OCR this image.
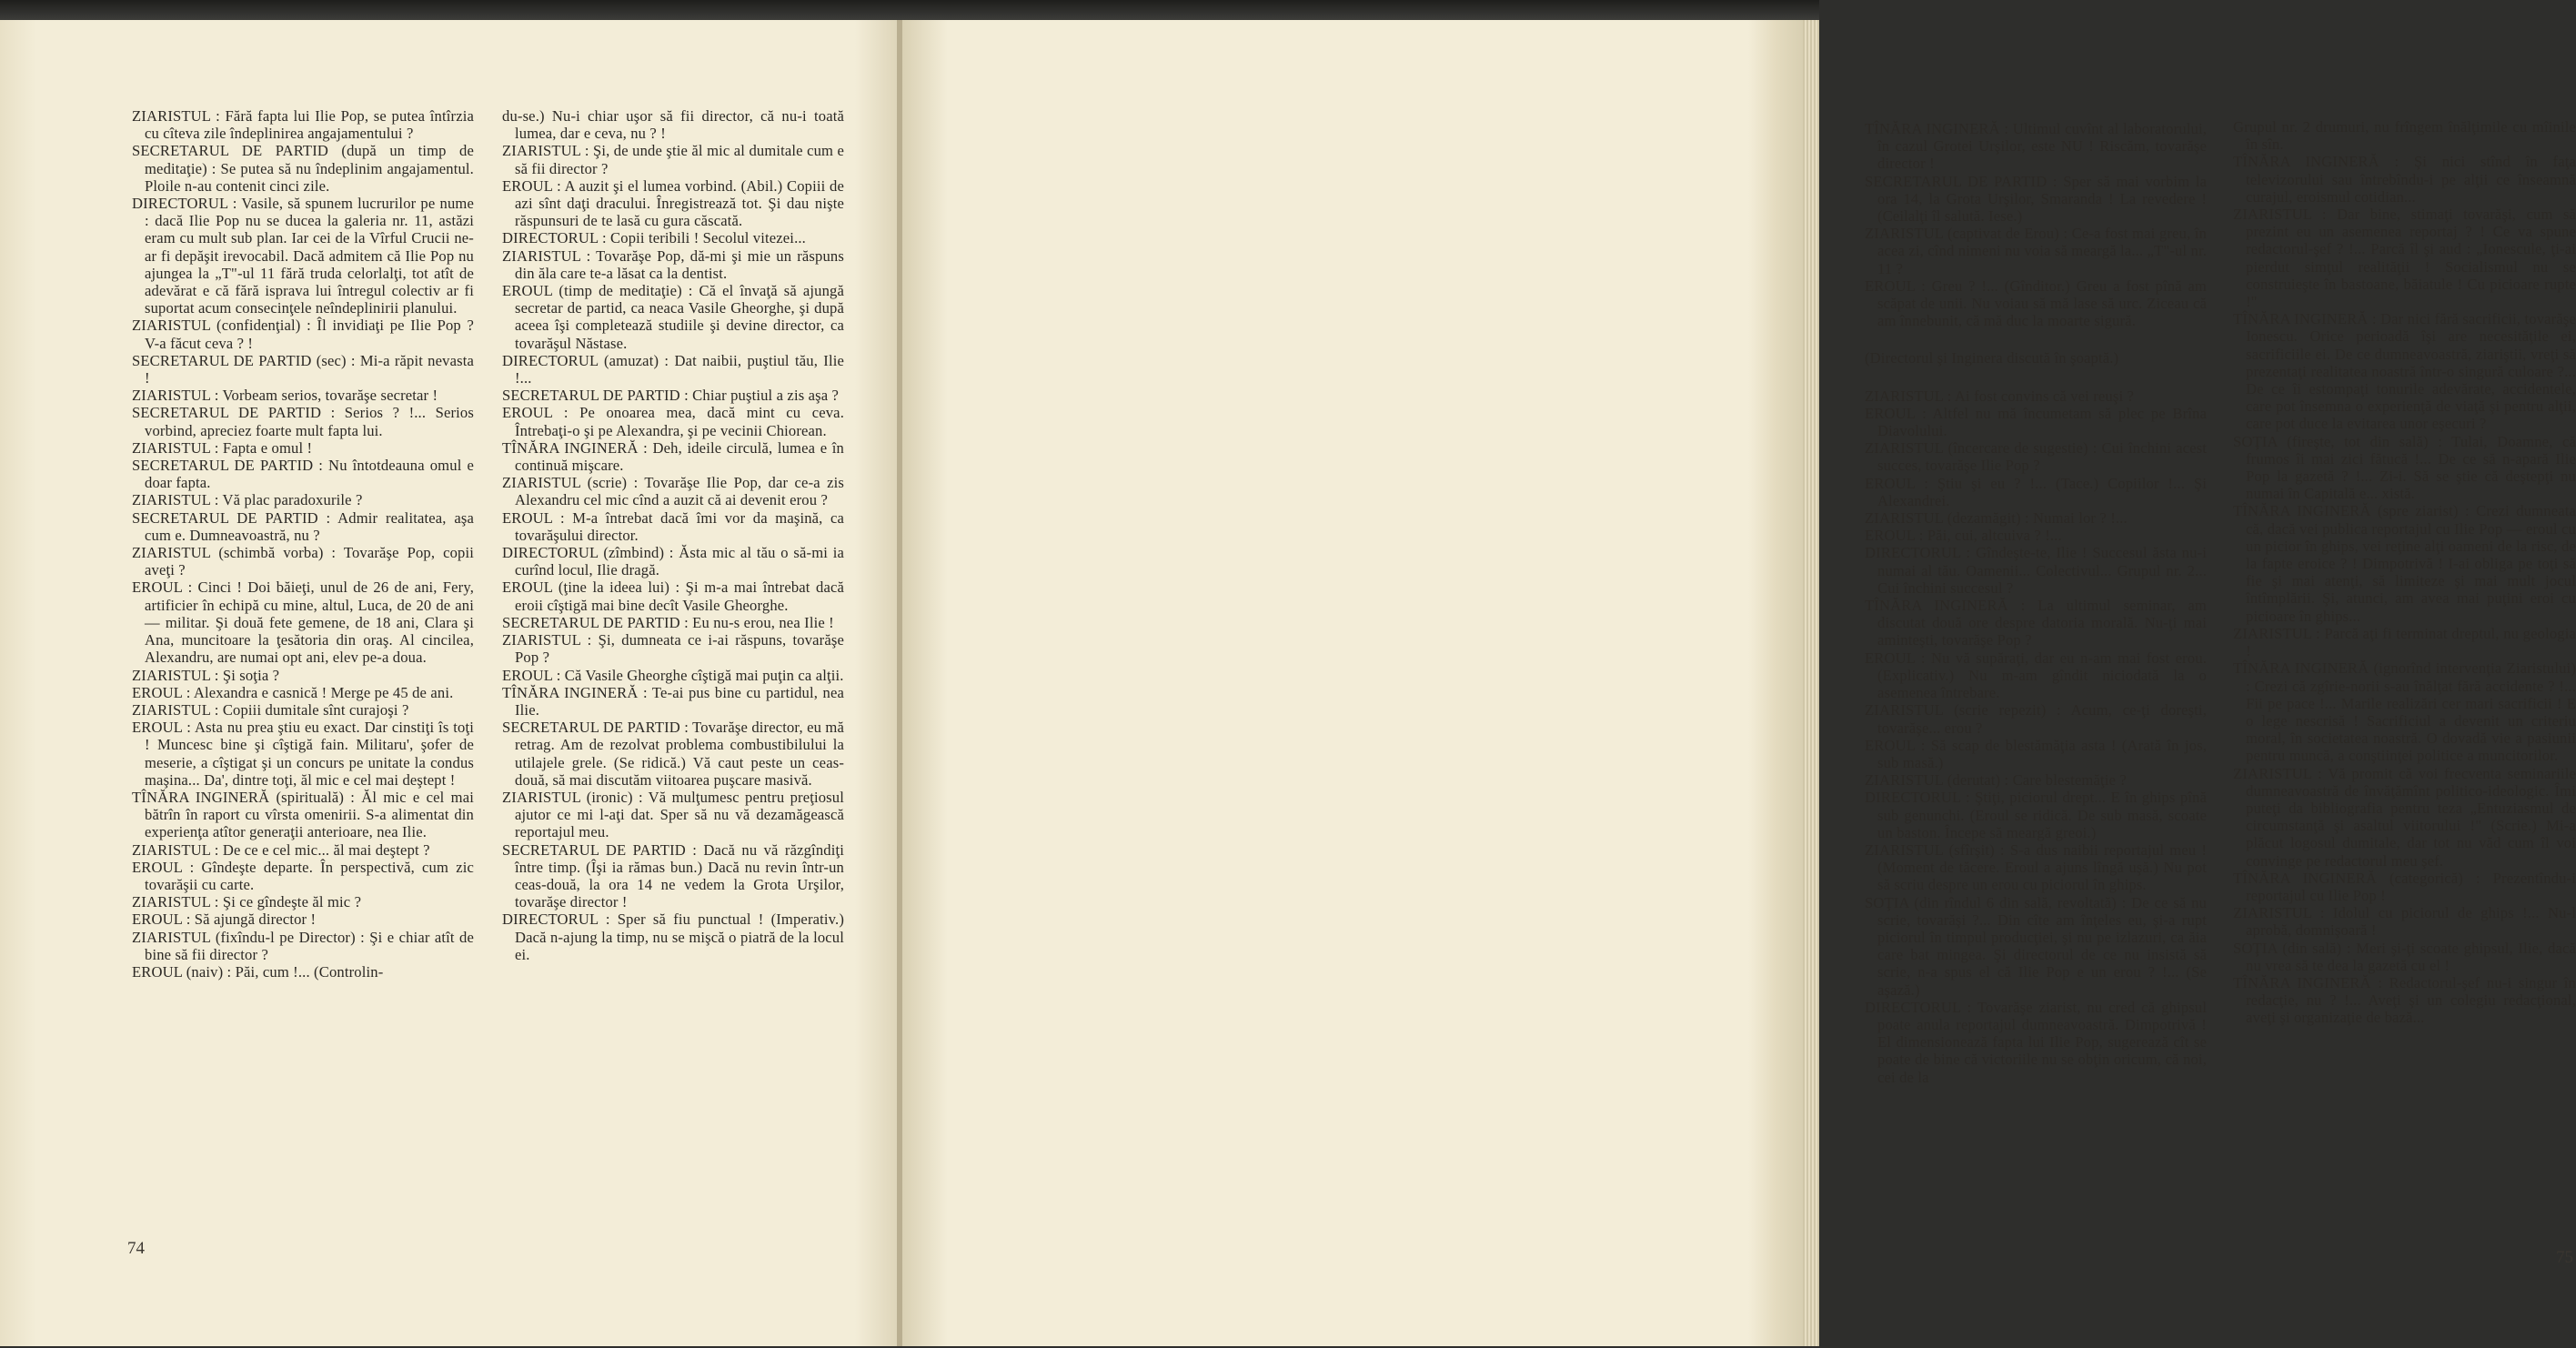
ZIARISTUL : Fără fapta lui Ilie Pop, se putea întîrzia cu cîteva zile îndeplinirea angajamentului ?

SECRETARUL DE PARTID (după un timp de meditaţie) : Se putea să nu îndeplinim angajamentul. Ploile n-au contenit cinci zile.

DIRECTORUL : Vasile, să spunem lucrurilor pe nume : dacă Ilie Pop nu se ducea la galeria nr. 11, astăzi eram cu mult sub plan. Iar cei de la Vîrful Crucii ne-ar fi depăşit irevocabil. Dacă admitem că Ilie Pop nu ajungea la „T"-ul 11 fără truda celorlalţi, tot atît de adevărat e că fără isprava lui întregul colectiv ar fi suportat acum consecinţele neîndeplinirii planului.

ZIARISTUL (confidenţial) : Îl invidiaţi pe Ilie Pop ? V-a făcut ceva ? !

SECRETARUL DE PARTID (sec) : Mi-a răpit nevasta !

ZIARISTUL : Vorbeam serios, tovarăşe secretar !

SECRETARUL DE PARTID : Serios ? !... Serios vorbind, apreciez foarte mult fapta lui.

ZIARISTUL : Fapta e omul !

SECRETARUL DE PARTID : Nu întotdeauna omul e doar fapta.

ZIARISTUL : Vă plac paradoxurile ?

SECRETARUL DE PARTID : Admir realitatea, aşa cum e. Dumneavoastră, nu ?

ZIARISTUL (schimbă vorba) : Tovarăşe Pop, copii aveţi ?

EROUL : Cinci ! Doi băieţi, unul de 26 de ani, Fery, artificier în echipă cu mine, altul, Luca, de 20 de ani — militar. Şi două fete gemene, de 18 ani, Clara şi Ana, muncitoare la ţesătoria din oraş. Al cincilea, Alexandru, are numai opt ani, elev pe-a doua.

ZIARISTUL : Şi soţia ?

EROUL : Alexandra e casnică ! Merge pe 45 de ani.

ZIARISTUL : Copiii dumitale sînt curajoşi ?

EROUL : Asta nu prea ştiu eu exact. Dar cinstiţi îs toţi ! Muncesc bine şi cîştigă fain. Militaru', şofer de meserie, a cîştigat şi un concurs pe unitate la condus maşina... Da', dintre toţi, ăl mic e cel mai deştept !

TÎNĂRA INGINERĂ (spirituală) : Ăl mic e cel mai bătrîn în raport cu vîrsta omenirii. S-a alimentat din experienţa atîtor generaţii anterioare, nea Ilie.

ZIARISTUL : De ce e cel mic... ăl mai deştept ?

EROUL : Gîndeşte departe. În perspectivă, cum zic tovarăşii cu carte.

ZIARISTUL : Şi ce gîndeşte ăl mic ?

EROUL : Să ajungă director !

ZIARISTUL (fixîndu-l pe Director) : Şi e chiar atît de bine să fii director ?

EROUL (naiv) : Păi, cum !... (Controlin-

du-se.) Nu-i chiar uşor să fii director, că nu-i toată lumea, dar e ceva, nu ? !

ZIARISTUL : Şi, de unde ştie ăl mic al dumitale cum e să fii director ?

EROUL : A auzit şi el lumea vorbind. (Abil.) Copiii de azi sînt daţi dracului. Înregistrează tot. Şi dau nişte răspunsuri de te lasă cu gura căscată.

DIRECTORUL : Copii teribili ! Secolul vitezei...

ZIARISTUL : Tovarăşe Pop, dă-mi şi mie un răspuns din ăla care te-a lăsat ca la dentist.

EROUL (timp de meditaţie) : Că el învaţă să ajungă secretar de partid, ca neaca Vasile Gheorghe, şi după aceea îşi completează studiile şi devine director, ca tovarăşul Năstase.

DIRECTORUL (amuzat) : Dat naibii, puştiul tău, Ilie !...

SECRETARUL DE PARTID : Chiar puştiul a zis aşa ?

EROUL : Pe onoarea mea, dacă mint cu ceva. Întrebaţi-o şi pe Alexandra, şi pe vecinii Chiorean.

TÎNĂRA INGINERĂ : Deh, ideile circulă, lumea e în continuă mişcare.

ZIARISTUL (scrie) : Tovarăşe Ilie Pop, dar ce-a zis Alexandru cel mic cînd a auzit că ai devenit erou ?

EROUL : M-a întrebat dacă îmi vor da maşină, ca tovarăşului director.

DIRECTORUL (zîmbind) : Ăsta mic al tău o să-mi ia curînd locul, Ilie dragă.

EROUL (ţine la ideea lui) : Şi m-a mai întrebat dacă eroii cîştigă mai bine decît Vasile Gheorghe.

SECRETARUL DE PARTID : Eu nu-s erou, nea Ilie !

ZIARISTUL : Şi, dumneata ce i-ai răspuns, tovarăşe Pop ?

EROUL : Că Vasile Gheorghe cîştigă mai puţin ca alţii.

TÎNĂRA INGINERĂ : Te-ai pus bine cu partidul, nea Ilie.

SECRETARUL DE PARTID : Tovarăşe director, eu mă retrag. Am de rezolvat problema combustibilului la utilajele grele. (Se ridică.) Vă caut peste un ceas-două, să mai discutăm viitoarea puşcare masivă.

ZIARISTUL (ironic) : Vă mulţumesc pentru preţiosul ajutor ce mi l-aţi dat. Sper să nu vă dezamăgească reportajul meu.

SECRETARUL DE PARTID : Dacă nu vă răzgîndiţi între timp. (Îşi ia rămas bun.) Dacă nu revin într-un ceas-două, la ora 14 ne vedem la Grota Urşilor, tovarăşe director !

DIRECTORUL : Sper să fiu punctual ! (Imperativ.) Dacă n-ajung la timp, nu se mişcă o piatră de la locul ei.

74

TÎNĂRA INGINERĂ : Ultimul cuvînt al laboratorului, în cazul Grotei Urşilor, este NU ! Riscăm, tovarăşe director !

SECRETARUL DE PARTID : Sper să mai vorbim la ora 14, la Grota Urşilor, Smaranda ! La revedere ! (Ceilalţi îl salută. Iese.)

ZIARISTUL (captivat de Erou) : Ce-a fost mai greu, în acea zi, cînd nimeni nu voia să meargă la... „T"-ul nr. 11 ?

EROUL : Greu ? !... (Gînditor.) Greu a fost pînă am scăpat de unii. Nu voiau să mă lase să urc. Ziceau că am înnebunit, că mă duc la moarte sigură.

(Directorul şi Inginera discută în şoaptă.)

ZIARISTUL : Ai fost convins că vei reuşi ?

EROUL : Altfel nu mă încumetam să plec pe Brîna Diavolului.

ZIARISTUL (încercare de sugestie) : Cui închini acest succes, tovarăşe Ilie Pop ?

EROUL : Ştiu şi eu ? !... (Tace.) Copiilor !... Şi Alexandrei.

ZIARISTUL (dezamăgit) : Numai lor ? !...

EROUL : Păi, cui, altcuiva ? !...

DIRECTORUL : Gîndeşte-te, Ilie ! Succesul ăsta nu-i numai al tău. Oamenii... Colectivul... Grupul nr. 2... Cui închini succesul ?

TÎNĂRA INGINERĂ : La ultimul seminar, am discutat două ore despre datoria morală. Nu-ţi mai aminteşti, tovarăşe Pop ?

EROUL : Nu vă supăraţi, dar eu n-am mai fost erou. (Explicativ.) Nu m-am gîndit niciodată la o asemenea întrebare.

ZIARISTUL (scrie repezit) : Acum, ce-ţi doreşti, tovarăşe... erou ?

EROUL : Să scap de blestămăţia asta ! (Arată în jos, sub masă.)

ZIARISTUL (derutat) : Care blestemăţie ?

DIRECTORUL : Ştiţi, piciorul drept... E în ghips pînă sub genunchi. (Eroul se ridică. De sub masă, scoate un baston. Începe să meargă greoi.)

ZIARISTUL (sfîrşit) : S-a dus naibii reportajul meu ! (Moment de tăcere. Eroul a ajuns lîngă uşă.) Nu pot să scriu despre un erou cu piciorul în ghips.

SOŢIA (din rîndul 6 din sală, revoltată) : De ce să nu scrie, tovarăşi ?... Din cîte am înţeles eu, şi-a rupt piciorul în timpul producţiei, şi nu pe izlazuri, ca ăia care bat mingea. Şi directorul de ce nu insistă să scrie, n-a spus el că Ilie Pop e un erou ? !... (Se aşază.)

DIRECTORUL : Tovarăşe ziarist, nu cred că ghipsul poate anula reportajul dumneavoastră. Dimpotrivă ! El dimensionează fapta lui Ilie Pop, sugerează cît se poate de bine că victoriile nu se obţin oricum, că noi, cei de la

Grupul nr. 2 drumuri, nu frîngem înălţimile cu mîinile în sîn.

TÎNĂRA INGINERĂ : Şi nici stînd în faţa televizorului sau întrebîndu-i pe alţii ce înseamnă curajul, eroismul cotidian...

ZIARISTUL : Dar bine, stimaţi tovarăşi, cum să prezint eu un asemenea reportaj ? ! Ce va spune redactorul-şef ? !... Parcă îl şi aud : „Ionescule, ţi-ai pierdut simţul realităţii ! Socialismul nu se construieşte în bastoane, băiatule ! Cu picioare rupte !"

TÎNĂRA INGINERĂ : Dar nici fără sacrificii, tovarăşe Ionescu. Orice perioadă îşi are necesităţile ei, sacrificiile ei. De ce dumneavoastră, ziariştii, vreţi să prezentaţi realitatea noastră într-o singură culoare ?... De ce îi estompaţi tonurile adevărate, accidentele, care pot însemna o experienţă de viaţă şi pentru alţii, care pot duce la evitarea unor eşecuri ?

SOŢIA (fireşte, tot din sală) : Tulai, Doamne, că frumos îi mai zici fătucă !... De ce să n-apară Ilie Pop la gazetă ? !... Zi-i. Să se ştie că deştepţi nu numai în Capitală e... xistă.

TÎNĂRA INGINERĂ (spre ziarist) : Crezi dumneata că, dacă vei publica reportajul cu Ilie Pop — eroul cu un picior în ghips, vei reţine alţi oameni de la risc, de la fapte eroice ? ! Dimpotrivă ! I-ai obliga pe toţi să fie şi mai atenţi, să limiteze şi mai mult jocul întîmplării. Şi, atunci, am avea mai puţini eroi cu picioare în ghips...

ZIARISTUL : Parcă aţi fi terminat dreptul, nu geologia !

TÎNĂRA INGINERĂ (ignorînd intervenţia Ziaristului) : Crezi că zgîrie-norii s-au înălţat fără accidente ? !... Fii pe pace !... Marile realizări cer mari sacrificii ! E o lege nescrisă ! Sacrificiul a devenit un criteriu moral, în societatea noastră. O dovadă vie a pasiunii pentru muncă, a conştiinţei politice a muncitorilor.

ZIARISTUL : Vă promit că voi frecventa seminariile dumneavoastră de învăţămînt politico-ideologic. Îmi puteţi da bibliografia pentru teza „Entuziasmul de circumstanţă şi asaltul viitorului !" (Scrie.) Mi-a plăcut logosul dumitale, dar tot nu văd cum îl voi convinge pe redactorul meu şef.

TÎNĂRA INGINERĂ (categorică) : Prezentîndu-i reportajul cu Ilie Pop !

ZIARISTUL : Idolul cu piciorul de ghips !... Nu-l aprobă, domnişoară !

SOŢIA (din sală) : Meri şi-ţi scoate ghipsul, Ilie, dacă nu vrea să te dea la gazetă cu el !

TÎNĂRA INGINERĂ : Redactorul-şef nu-i singur în redacţie, nu ? !... Aveţi şi un colegiu redacţional, aveţi şi organizaţie de bază...

75
